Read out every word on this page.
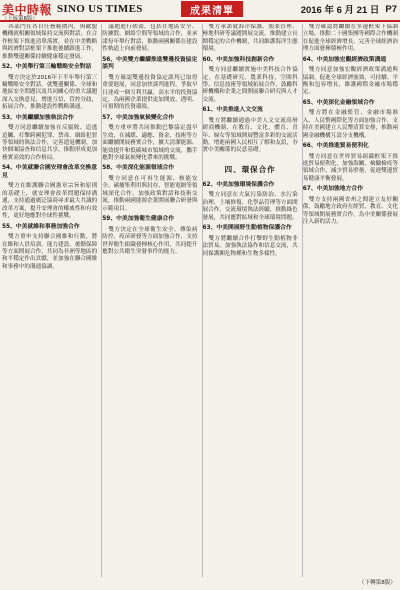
美中時報 SINO US TIMES	成果清單	2016 年 6 月 21 日 P7
（上接第6版）

各部門在各自任務範圍內，與歐盟機構就相關領域保持交流與對話，在合作框架下推進清單落實，並在中美戰略與經濟對話框架下推進後續跟進工作，推動雙邊關係持續健康穩定發展。

52、中美舉行第三輪戰略安全對話

雙方決定於2016年下半年舉行第三輪戰略安全對話，就雙邊關係、全球和地區安全問題以及共同關心的重大議題深入交換意見，增進互信，管控分歧，拓展合作，推動建設性戰略溝通。

53、中美繼續加強執法合作

雙方同意繼續加強在反腐敗、追逃追贓、打擊跨國犯罪、禁毒、網絡犯罪等領域的執法合作，完善遣返機制，加快個案協查和信息共享，推動形成更加務實高效的合作格局。

54、中美就聯合國安理會改革交換意見

雙方在維護聯合國憲章宗旨和原則的基礎上，就安理會改革問題保持溝通，支持通過廣泛協商尋求最大共識的改革方案，提升安理會的權威性和有效性，更好地應對全球性挑戰。

55、中美就維和事務加強合作

雙方重申支持聯合國維和行動，將在維和人員培訓、能力建設、後勤保障等方面開展合作，共同為非洲等地區的和平穩定作出貢獻，並加強在聯合國維和事務中的溝通協調。

議題進行磋商，包括在地區安全、防擴散、網絡空間等領域的合作，並承諾每年舉行對話，推動兩國關係在建設性軌道上向前發展。

56、中美雙方繼續推進雙邊投資協定談判

雙方確認雙邊投資協定談判已取得重要進展，同意加快談判進程，爭取早日達成一個互利共贏、高水平的投資協定，為兩國企業提供更加開放、透明、可預期的投資環境。

57、中美加強氣候變化合作

雙方重申將共同推動巴黎協定盡早生效，在減緩、適應、資金、技術等方面繼續開展務實合作，擴大清潔能源、能效提升和低碳城市領域的交流，攜手應對全球氣候變化帶來的挑戰。

58、中美深化能源領域合作

雙方同意在可再生能源、核能安全、碳捕集利用與封存、智能電網等領域深化合作，加強政策對話和技術交流，推動兩國能源企業開展聯合研發與示範項目。

59、中美加強衛生健康合作

雙方決定在全球衛生安全、傳染病防控、疫苗研發等方面加強合作，支持世界衛生組織發揮核心作用，共同提升應對公共衛生突發事件的能力。

雙方承諾就海洋保護、漁業管理、極地科研等議題開展交流，推動建立長期穩定的合作機制，共同維護海洋生態環境。

60、中美加強科技創新合作

雙方同意繼續實施中美科技合作協定，在基礎研究、農業科技、空間科學、信息技術等領域拓展合作，鼓勵科研機構和企業之間開展聯合研究與人才交流。

61、中美推進人文交流

雙方將繼續通過中美人文交流高層磋商機制，在教育、文化、體育、青年、婦女等領域開展豐富多彩的交流活動，增進兩國人民相互了解和友誼，夯實中美關係的民意基礎。

四、環保合作
62、中美加強環境保護合作

雙方同意在大氣污染防治、水污染治理、土壤修復、化學品管理等方面開展合作，交流環境執法經驗，推動綠色發展，共同應對區域和全球環境問題。

63、中美開展野生動植物保護合作

雙方將繼續合作打擊野生動植物非法貿易，加強執法協作和信息交流，共同保護瀕危物種和生物多樣性。

雙方確認將繼續在多邊框架下協調立場，推動二十國集團等國際合作機制在促進全球經濟增長、完善全球經濟治理方面發揮積極作用。

64、中美加強宏觀經濟政策溝通

雙方同意加強宏觀經濟政策溝通與協調，促進全球經濟強勁、可持續、平衡和包容增長，維護國際金融市場穩定。

65、中美深化金融領域合作

雙方將在金融監管、金融市場准入、人民幣國際化等方面加強合作，支持在美國建立人民幣清算安排，推動兩國金融機構互設分支機構。

66、中美推進貿易便利化

雙方同意在世界貿易組織框架下推進貿易便利化，加強海關、檢驗檢疫等領域合作，減少貿易壁壘，促進雙邊貿易健康平衡發展。

67、中美加強地方合作

雙方支持兩國省州之間建立友好關係，鼓勵地方政府在經貿、教育、文化等領域開展務實合作，為中美關係發展注入新的活力。

（下轉第8版）
